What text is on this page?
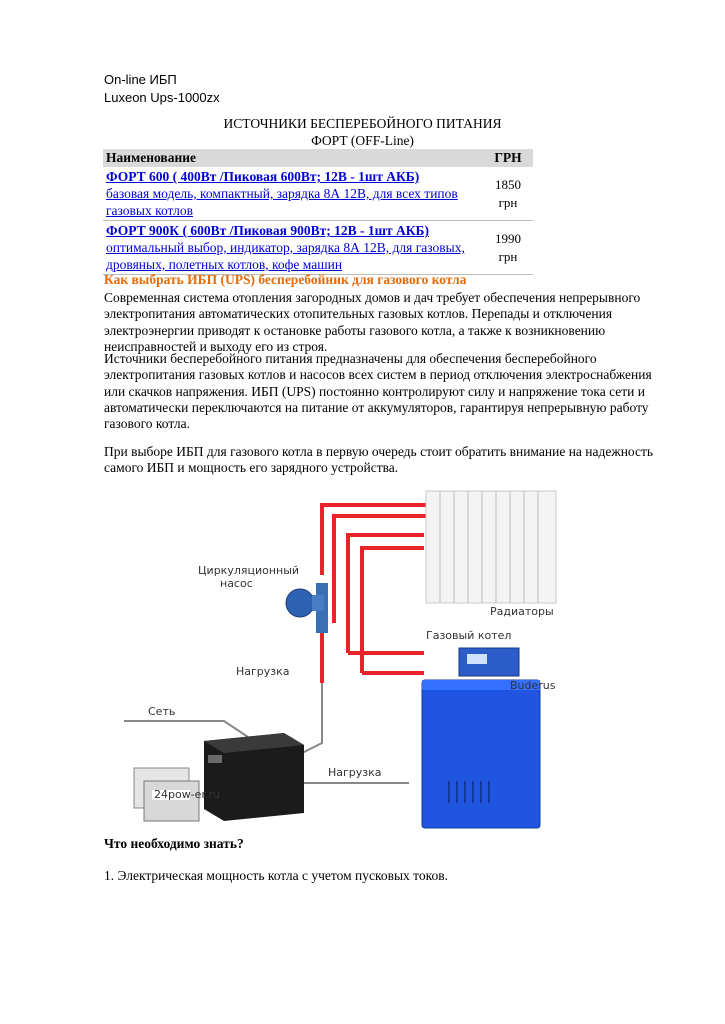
On-line ИБП
Luxeon Ups-1000zx
ИСТОЧНИКИ БЕСПЕРЕБОЙНОГО ПИТАНИЯ
ФОРТ (OFF-Line)
Наименование	ГРН
ФОРТ 600 ( 400Вт /Пиковая 600Вт; 12В - 1шт АКБ)
базовая модель, компактный, зарядка 8А 12В, для всех типов газовых котлов	1850
грн
ФОРТ 900К ( 600Вт /Пиковая 900Вт; 12В - 1шт АКБ)
оптимальный выбор, индикатор, зарядка 8А 12В, для газовых, дровяных, полетных котлов, кофе машин	1990
грн
Как выбрать ИБП (UPS) бесперебойник для газового котла
Современная система отопления загородных домов и дач требует обеспечения непрерывного электропитания автоматических отопительных газовых котлов. Перепады и отключения электроэнергии приводят к остановке работы газового котла, а также к возникновению неисправностей и выходу его из строя.
Источники бесперебойного питания предназначены для обеспечения бесперебойного электропитания газовых котлов и насосов всех систем в период отключения электроснабжения или скачков напряжения. ИБП (UPS) постоянно контролируют силу и напряжение тока сети и автоматически переключаются на питание от аккумуляторов, гарантируя непрерывную работу газового котла.
При выборе ИБП для газового котла в первую очередь стоит обратить внимание на надежность самого ИБП и мощность его зарядного устройства.
Радиаторы
Циркуляционный
насос
Buderus
Газовый котел
Нагрузка
Нагрузка
Сеть
24pow-er.ru
Что необходимо знать?
1. Электрическая мощность котла с учетом пусковых токов.
